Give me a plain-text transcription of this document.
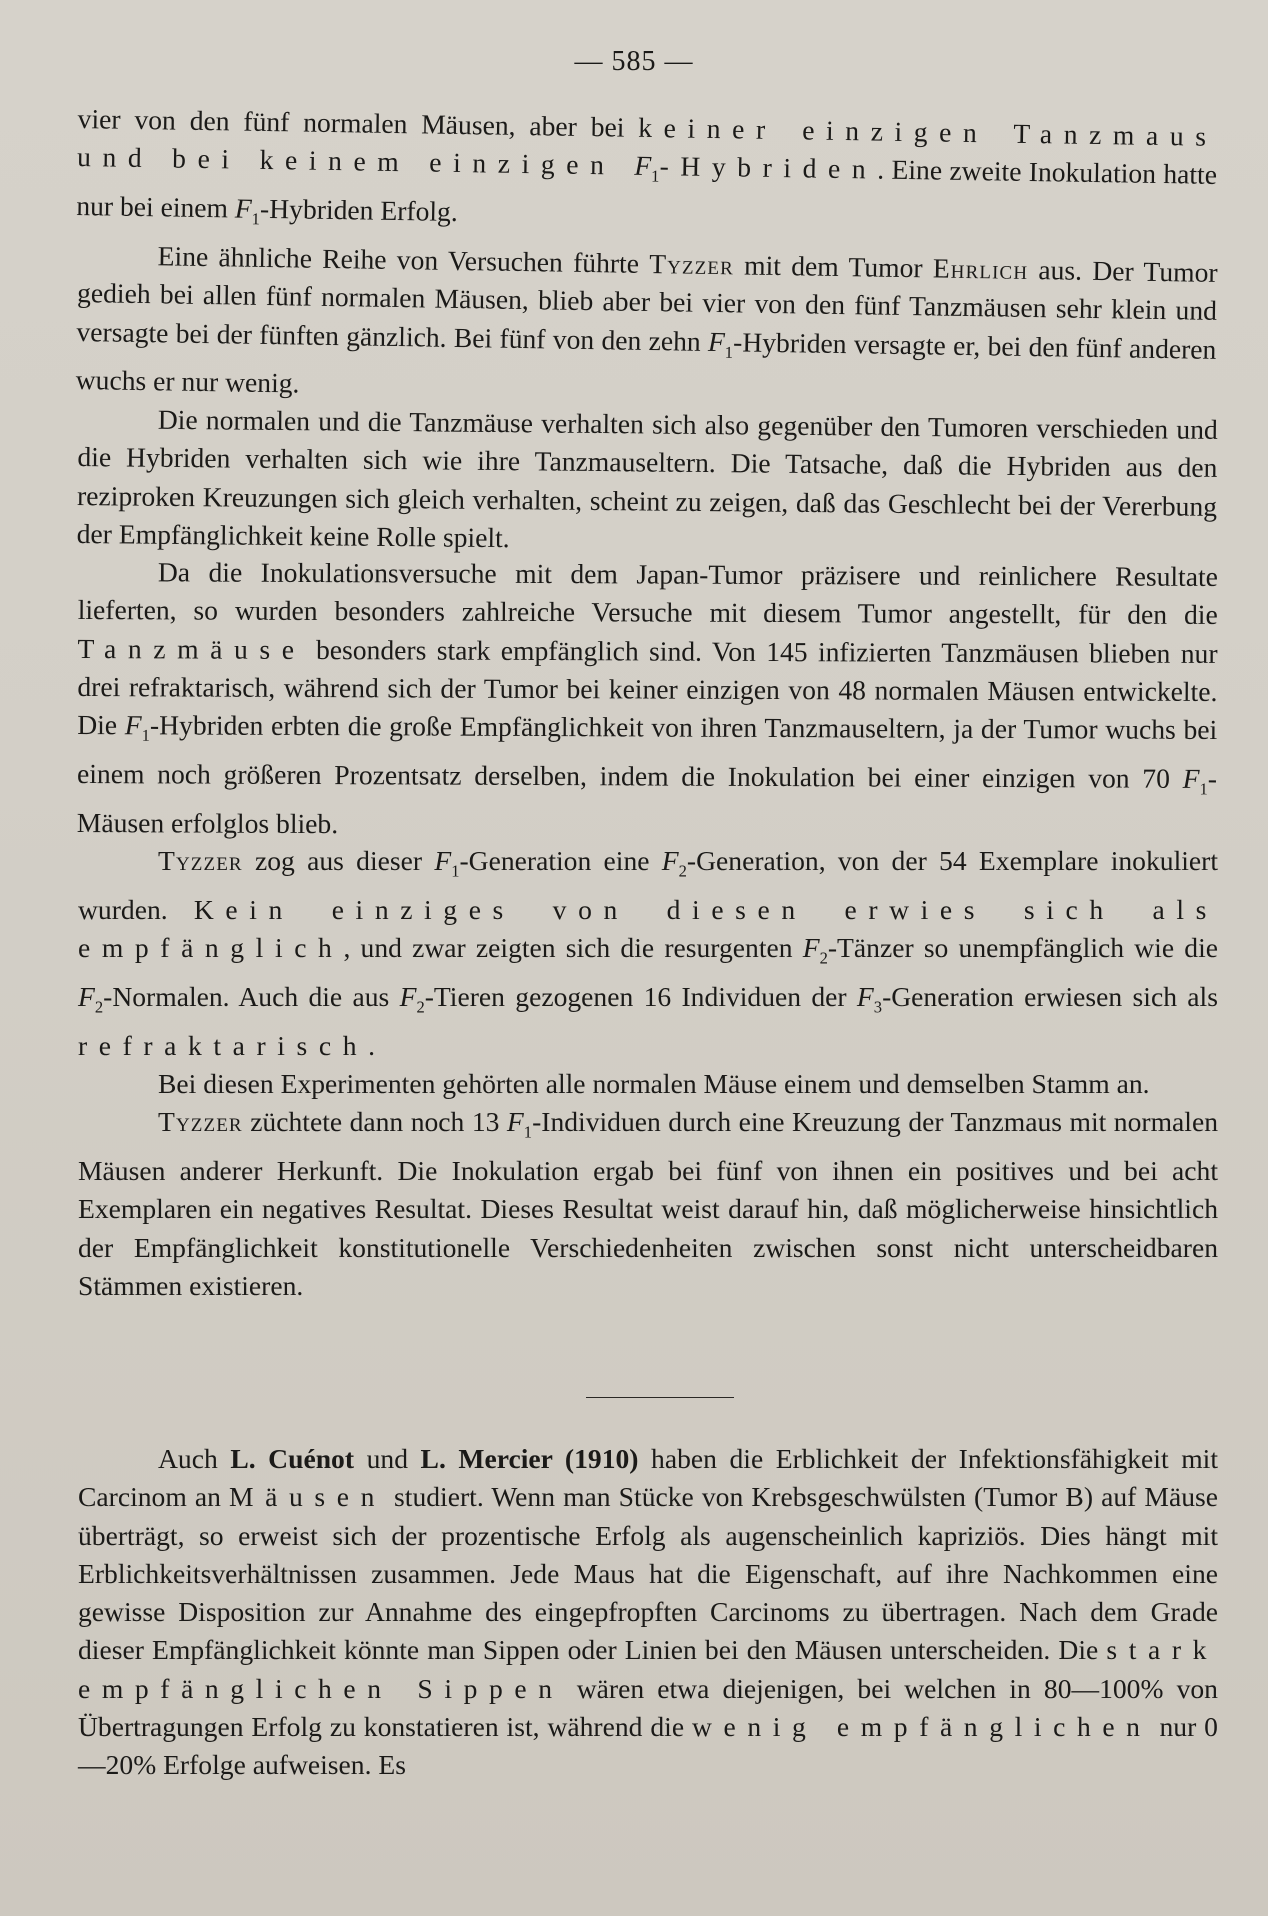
— 585 —

vier von den fünf normalen Mäusen, aber bei keiner einzigen Tanzmaus und bei keinem einzigen $F_1$-Hybriden. Eine zweite Inokulation hatte nur bei einem $F_1$-Hybriden Erfolg.

Eine ähnliche Reihe von Versuchen führte Tyzzer mit dem Tumor Ehrlich aus. Der Tumor gedieh bei allen fünf normalen Mäusen, blieb aber bei vier von den fünf Tanzmäusen sehr klein und versagte bei der fünften gänzlich. Bei fünf von den zehn $F_1$-Hybriden versagte er, bei den fünf anderen wuchs er nur wenig.

Die normalen und die Tanzmäuse verhalten sich also gegenüber den Tumoren verschieden und die Hybriden verhalten sich wie ihre Tanzmauseltern. Die Tatsache, daß die Hybriden aus den reziproken Kreuzungen sich gleich verhalten, scheint zu zeigen, daß das Geschlecht bei der Vererbung der Empfänglichkeit keine Rolle spielt.

Da die Inokulationsversuche mit dem Japan-Tumor präzisere und reinlichere Resultate lieferten, so wurden besonders zahlreiche Versuche mit diesem Tumor angestellt, für den die Tanzmäuse besonders stark empfänglich sind. Von 145 infizierten Tanzmäusen blieben nur drei refraktarisch, während sich der Tumor bei keiner einzigen von 48 normalen Mäusen entwickelte. Die $F_1$-Hybriden erbten die große Empfänglichkeit von ihren Tanzmauseltern, ja der Tumor wuchs bei einem noch größeren Prozentsatz derselben, indem die Inokulation bei einer einzigen von 70 $F_1$-Mäusen erfolglos blieb.

Tyzzer zog aus dieser $F_1$-Generation eine $F_2$-Generation, von der 54 Exemplare inokuliert wurden. Kein einziges von diesen erwies sich als empfänglich, und zwar zeigten sich die resurgenten $F_2$-Tänzer so unempfänglich wie die $F_2$-Normalen. Auch die aus $F_2$-Tieren gezogenen 16 Individuen der $F_3$-Generation erwiesen sich als refraktarisch.

Bei diesen Experimenten gehörten alle normalen Mäuse einem und demselben Stamm an.

Tyzzer züchtete dann noch 13 $F_1$-Individuen durch eine Kreuzung der Tanzmaus mit normalen Mäusen anderer Herkunft. Die Inokulation ergab bei fünf von ihnen ein positives und bei acht Exemplaren ein negatives Resultat. Dieses Resultat weist darauf hin, daß möglicherweise hinsichtlich der Empfänglichkeit konstitutionelle Verschiedenheiten zwischen sonst nicht unterscheidbaren Stämmen existieren.

Auch L. Cuénot und L. Mercier (1910) haben die Erblichkeit der Infektionsfähigkeit mit Carcinom an Mäusen studiert. Wenn man Stücke von Krebsgeschwülsten (Tumor B) auf Mäuse überträgt, so erweist sich der prozentische Erfolg als augenscheinlich kapriziös. Dies hängt mit Erblichkeitsverhältnissen zusammen. Jede Maus hat die Eigenschaft, auf ihre Nachkommen eine gewisse Disposition zur Annahme des eingepfropften Carcinoms zu übertragen. Nach dem Grade dieser Empfänglichkeit könnte man Sippen oder Linien bei den Mäusen unterscheiden. Die stark empfänglichen Sippen wären etwa diejenigen, bei welchen in 80—100% von Übertragungen Erfolg zu konstatieren ist, während die wenig empfänglichen nur 0—20% Erfolge aufweisen. Es
